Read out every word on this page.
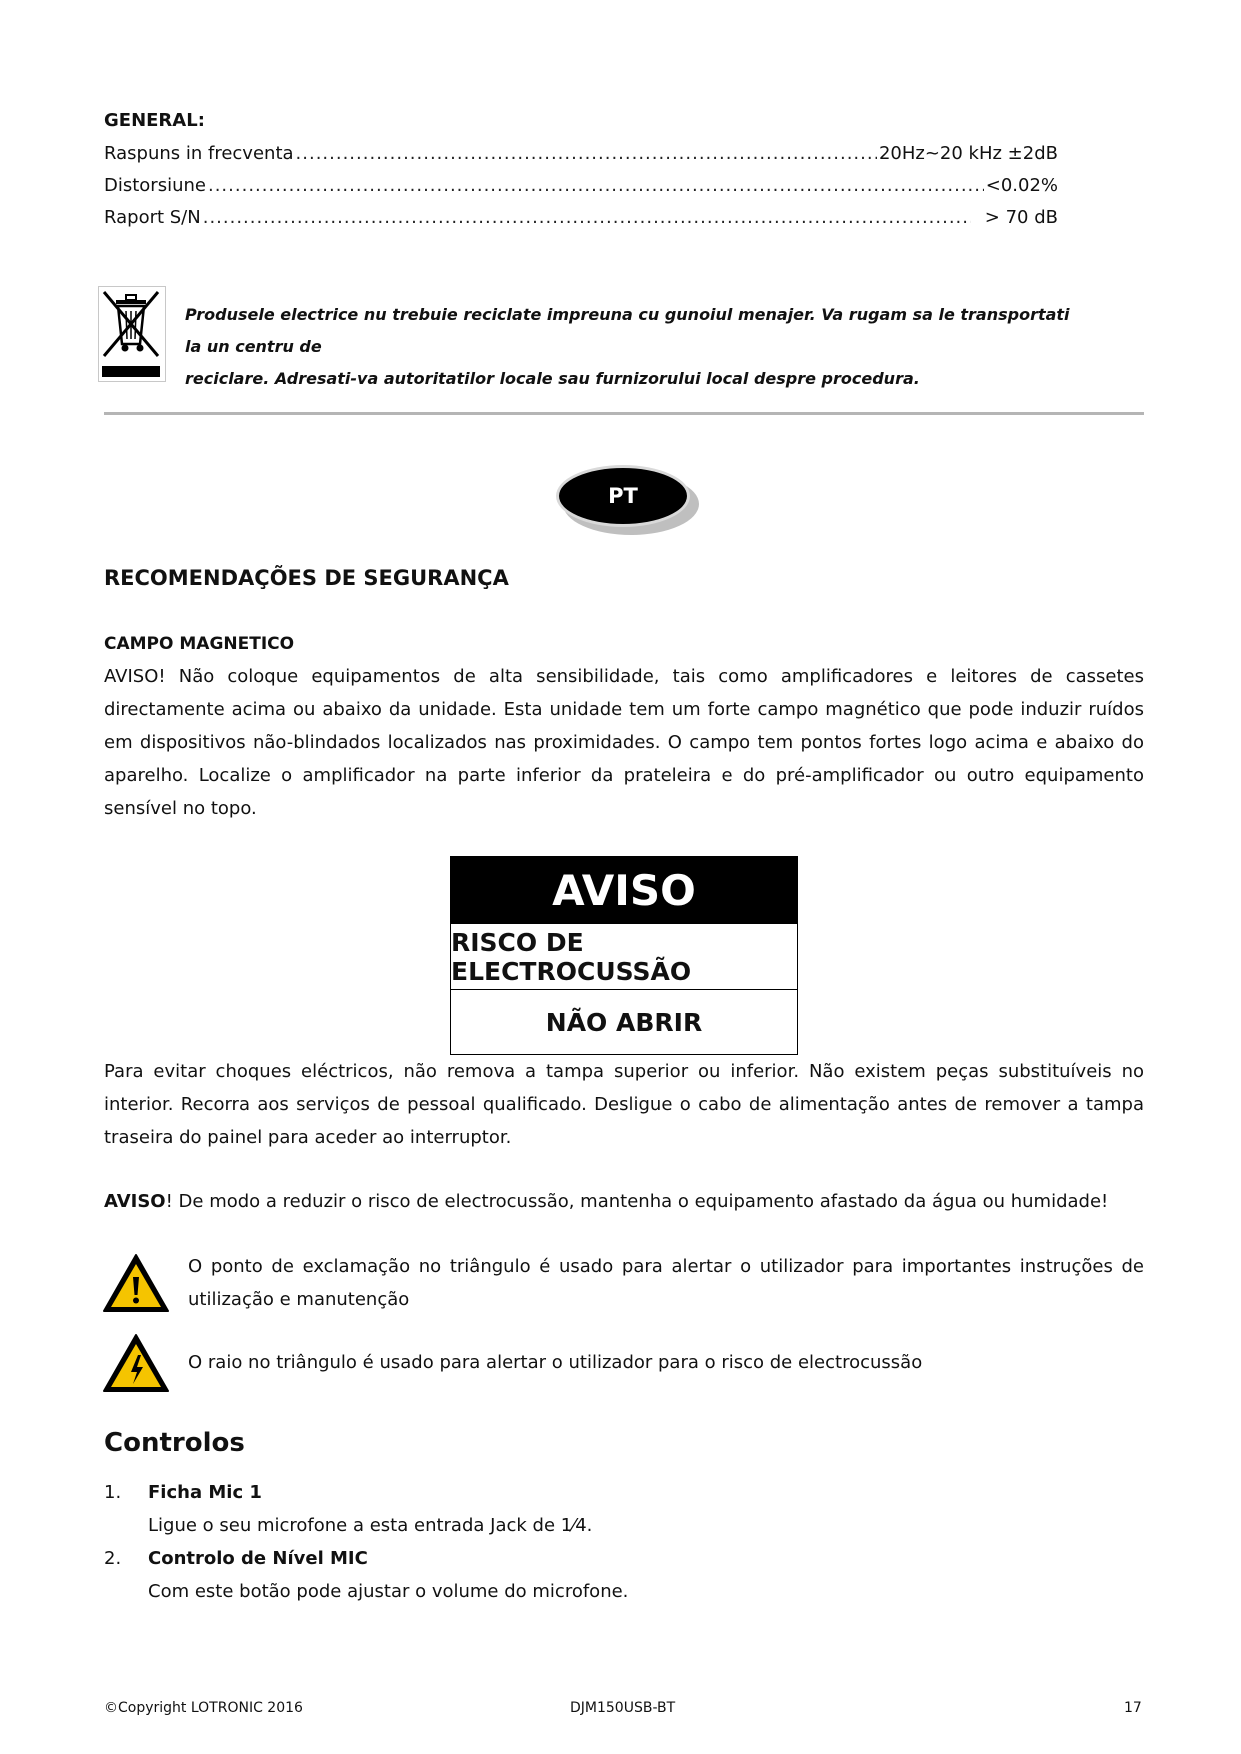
GENERAL:
Raspuns in frecventa .....	20Hz~20 kHz ±2dB
Distorsiune .....	<0.02%
Raport S/N .....	> 70 dB
Produsele electrice nu trebuie reciclate impreuna cu gunoiul menajer. Va rugam sa le transportati la un centru de
reciclare. Adresati-va autoritatilor locale sau furnizorului local despre procedura.
PT
RECOMENDAÇÕES DE SEGURANÇA
CAMPO MAGNETICO
AVISO! Não coloque equipamentos de alta sensibilidade, tais como amplificadores e leitores de cassetes directamente acima ou abaixo da unidade. Esta unidade tem um forte campo magnético que pode induzir ruídos em dispositivos não-blindados localizados nas proximidades. O campo tem pontos fortes logo acima e abaixo do aparelho. Localize o amplificador na parte inferior da prateleira e do pré-amplificador ou outro equipamento sensível no topo.
AVISO
RISCO DE ELECTROCUSSÃO
NÃO ABRIR
Para evitar choques eléctricos, não remova a tampa superior ou inferior. Não existem peças substituíveis no interior. Recorra aos serviços de pessoal qualificado. Desligue o cabo de alimentação antes de remover a tampa traseira do painel para aceder ao interruptor.
AVISO! De modo a reduzir o risco de electrocussão, mantenha o equipamento afastado da água ou humidade!
O ponto de exclamação no triângulo é usado para alertar o utilizador para importantes instruções de utilização e manutenção
O raio no triângulo é usado para alertar o utilizador para o risco de electrocussão
Controlos
1.	Ficha Mic 1
Ligue o seu microfone a esta entrada Jack de 1⁄4.
2.	Controlo de Nível MIC
Com este botão pode ajustar o volume do microfone.
©Copyright LOTRONIC 2016	DJM150USB-BT	17
